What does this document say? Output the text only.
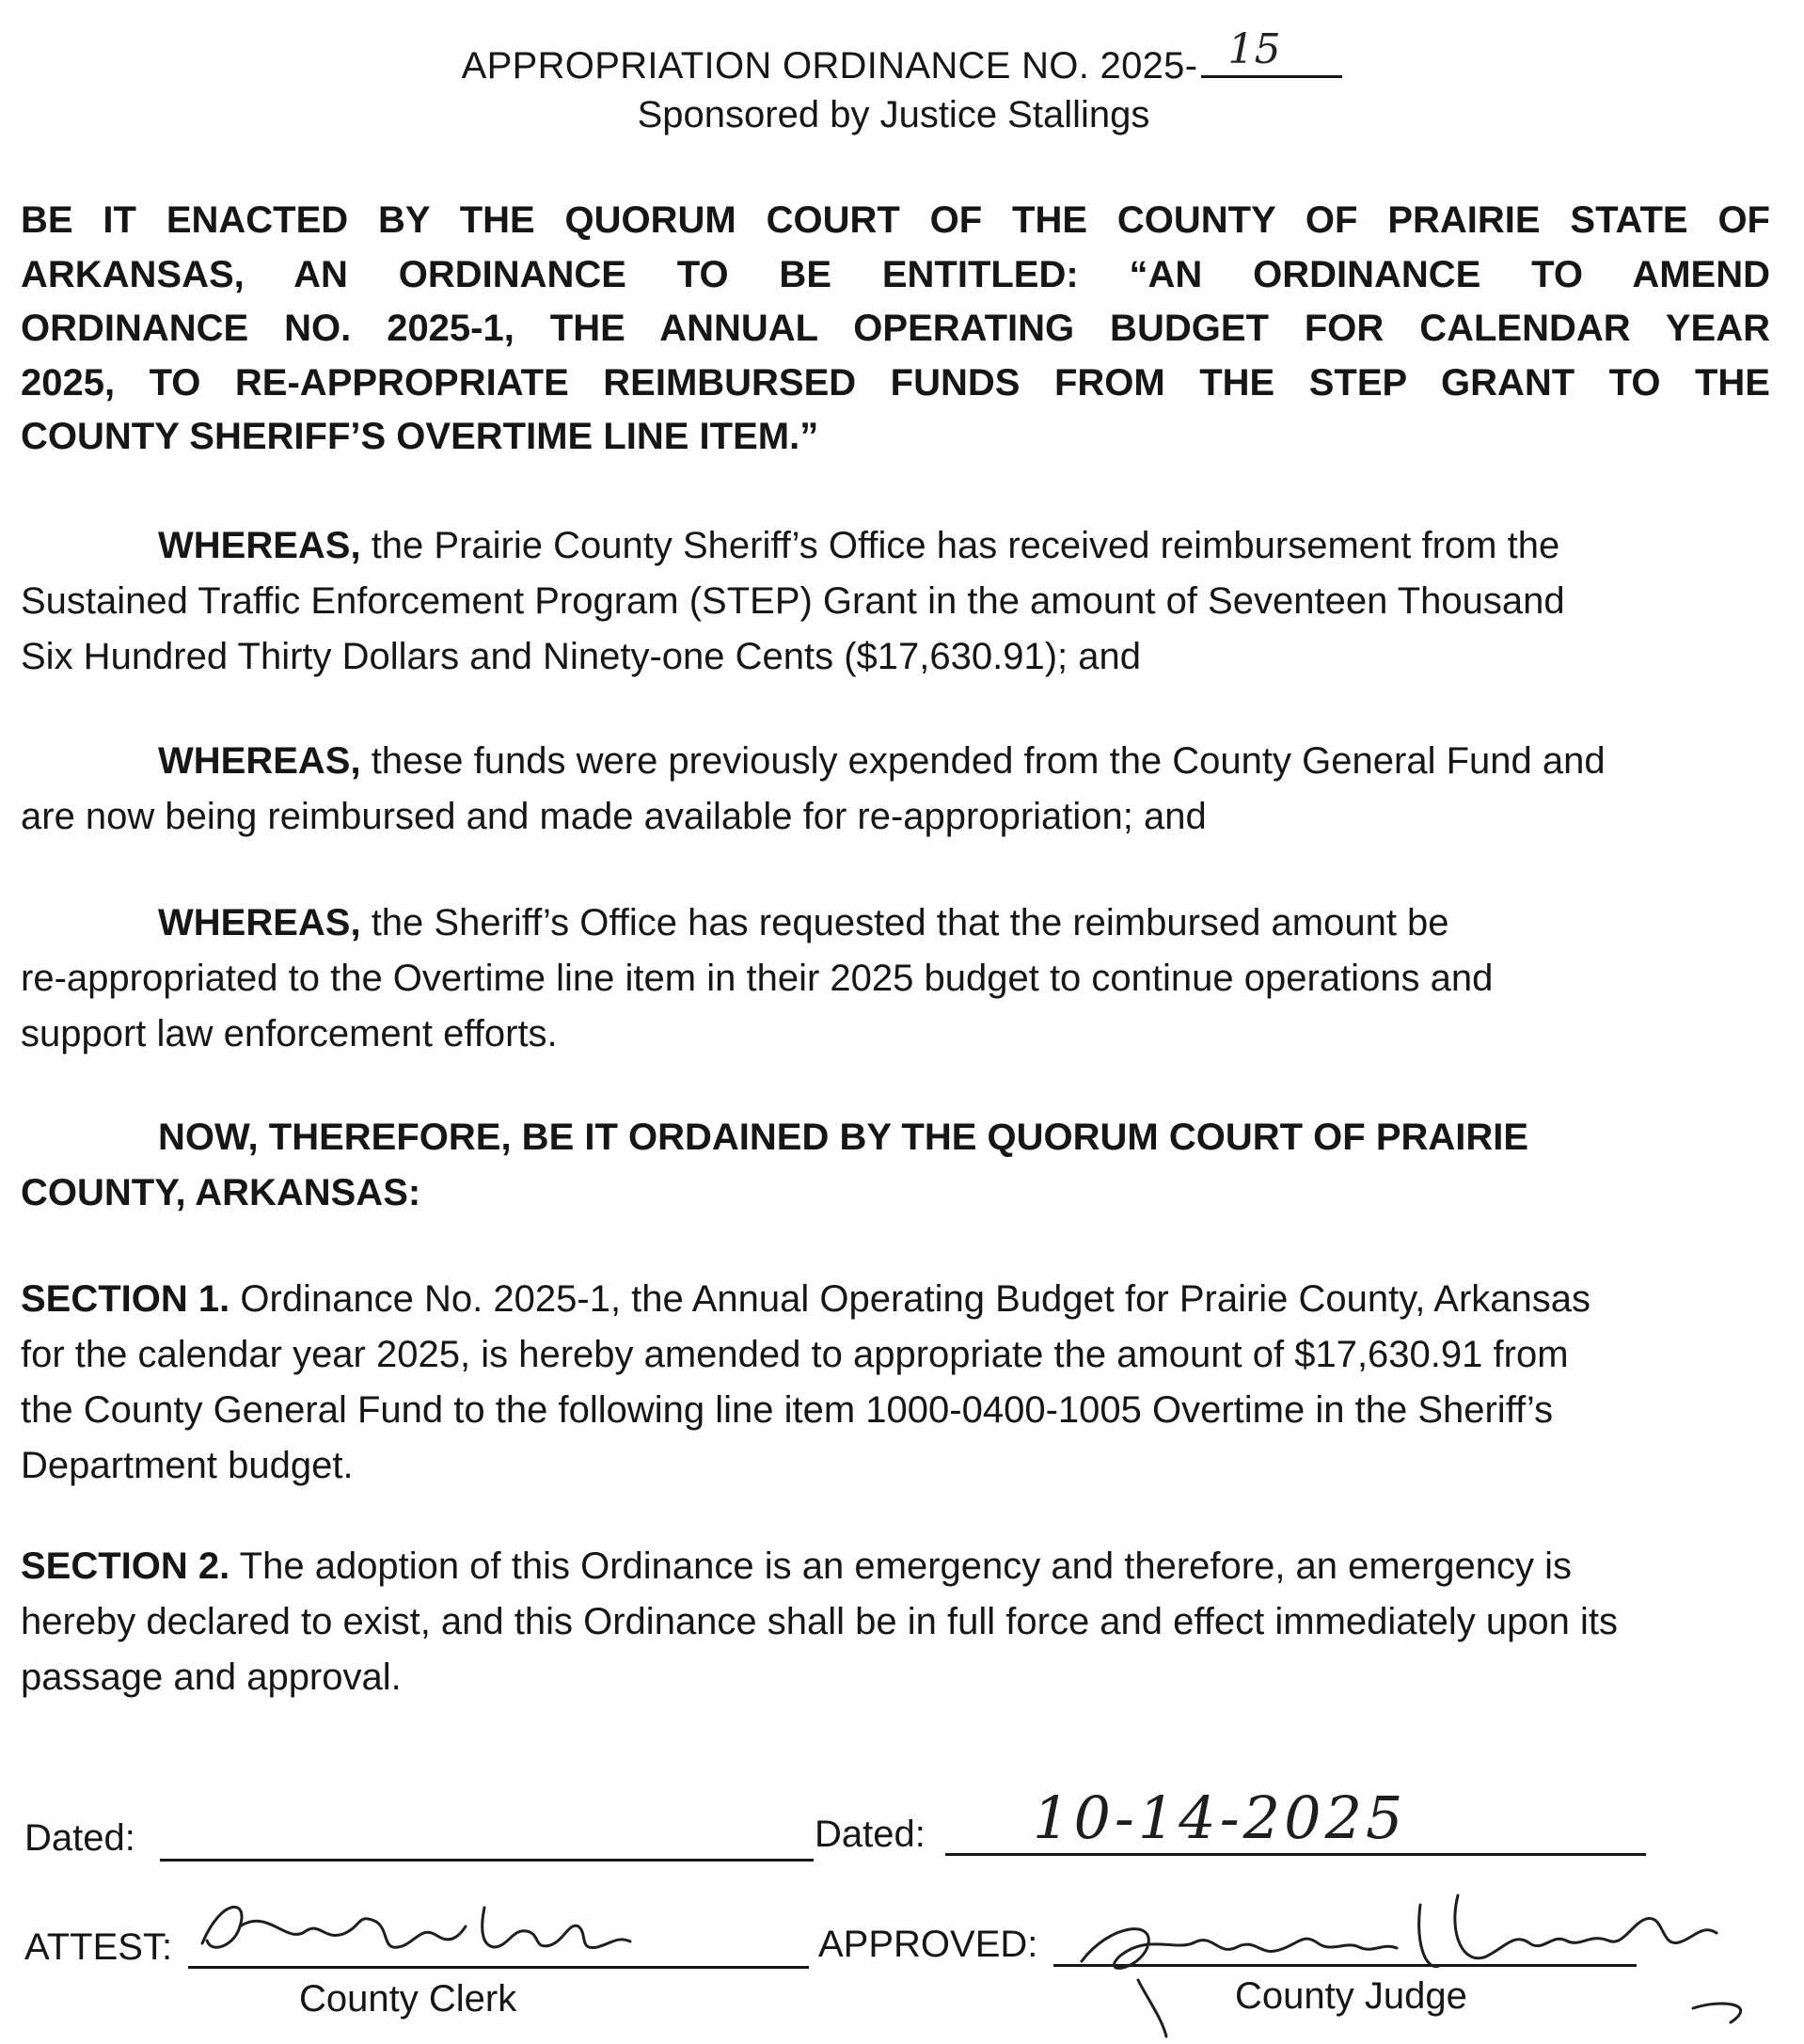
APPROPRIATION ORDINANCE NO. 2025- 15
Sponsored by Justice Stallings
BE IT ENACTED BY THE QUORUM COURT OF THE COUNTY OF PRAIRIE STATE OF
ARKANSAS, AN ORDINANCE TO BE ENTITLED: “AN ORDINANCE TO AMEND
ORDINANCE NO. 2025-1, THE ANNUAL OPERATING BUDGET FOR CALENDAR YEAR
2025, TO RE-APPROPRIATE REIMBURSED FUNDS FROM THE STEP GRANT TO THE
COUNTY SHERIFF’S OVERTIME LINE ITEM.”
WHEREAS, the Prairie County Sheriff’s Office has received reimbursement from the
Sustained Traffic Enforcement Program (STEP) Grant in the amount of Seventeen Thousand
Six Hundred Thirty Dollars and Ninety-one Cents ($17,630.91); and
WHEREAS, these funds were previously expended from the County General Fund and
are now being reimbursed and made available for re-appropriation; and
WHEREAS, the Sheriff’s Office has requested that the reimbursed amount be
re-appropriated to the Overtime line item in their 2025 budget to continue operations and
support law enforcement efforts.
NOW, THEREFORE, BE IT ORDAINED BY THE QUORUM COURT OF PRAIRIE
COUNTY, ARKANSAS:
SECTION 1. Ordinance No. 2025-1, the Annual Operating Budget for Prairie County, Arkansas
for the calendar year 2025, is hereby amended to appropriate the amount of $17,630.91 from
the County General Fund to the following line item 1000-0400-1005 Overtime in the Sheriff’s
Department budget.
SECTION 2. The adoption of this Ordinance is an emergency and therefore, an emergency is
hereby declared to exist, and this Ordinance shall be in full force and effect immediately upon its
passage and approval.
Dated:	Dated: 10-14-2025
ATTEST:
County Clerk
APPROVED:
County Judge
